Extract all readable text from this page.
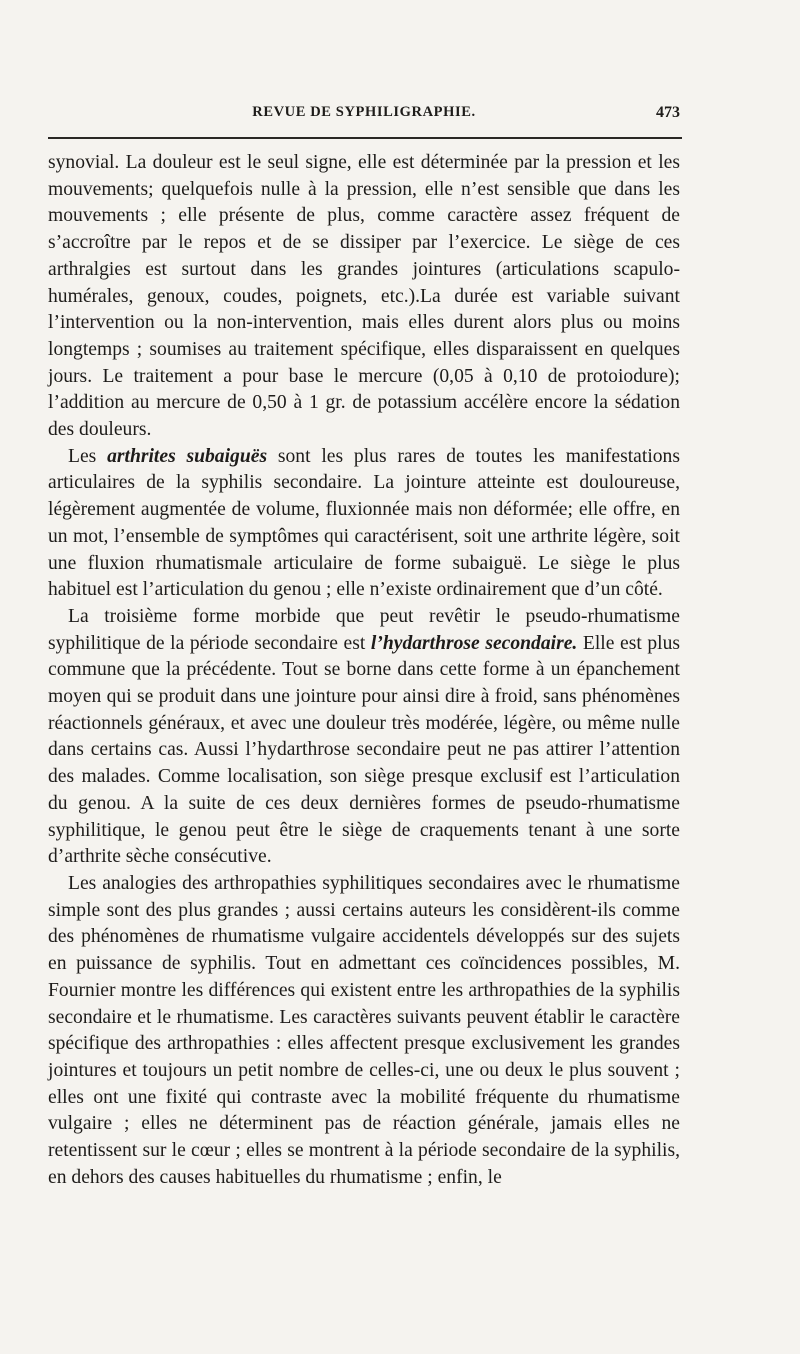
REVUE DE SYPHILIGRAPHIE.	473

synovial. La douleur est le seul signe, elle est déterminée par la pression et les mouvements; quelquefois nulle à la pression, elle n’est sensible que dans les mouvements ; elle présente de plus, comme caractère assez fréquent de s’accroître par le repos et de se dissiper par l’exercice. Le siège de ces arthralgies est surtout dans les grandes jointures (articulations scapulo-humérales, genoux, coudes, poignets, etc.).La durée est variable suivant l’intervention ou la non-intervention, mais elles durent alors plus ou moins longtemps ; soumises au traitement spécifique, elles disparaissent en quelques jours. Le traitement a pour base le mercure (0,05 à 0,10 de protoiodure); l’addition au mercure de 0,50 à 1 gr. de potassium accélère encore la sédation des douleurs.

Les arthrites subaiguës sont les plus rares de toutes les manifestations articulaires de la syphilis secondaire. La jointure atteinte est douloureuse, légèrement augmentée de volume, fluxionnée mais non déformée; elle offre, en un mot, l’ensemble de symptômes qui caractérisent, soit une arthrite légère, soit une fluxion rhumatismale articulaire de forme subaiguë. Le siège le plus habituel est l’articulation du genou ; elle n’existe ordinairement que d’un côté.

La troisième forme morbide que peut revêtir le pseudo-rhumatisme syphilitique de la période secondaire est l’hydarthrose secondaire. Elle est plus commune que la précédente. Tout se borne dans cette forme à un épanchement moyen qui se produit dans une jointure pour ainsi dire à froid, sans phénomènes réactionnels généraux, et avec une douleur très modérée, légère, ou même nulle dans certains cas. Aussi l’hydarthrose secondaire peut ne pas attirer l’attention des malades. Comme localisation, son siège presque exclusif est l’articulation du genou. A la suite de ces deux dernières formes de pseudo-rhumatisme syphilitique, le genou peut être le siège de craquements tenant à une sorte d’arthrite sèche consécutive.

Les analogies des arthropathies syphilitiques secondaires avec le rhumatisme simple sont des plus grandes ; aussi certains auteurs les considèrent-ils comme des phénomènes de rhumatisme vulgaire accidentels développés sur des sujets en puissance de syphilis. Tout en admettant ces coïncidences possibles, M. Fournier montre les différences qui existent entre les arthropathies de la syphilis secondaire et le rhumatisme. Les caractères suivants peuvent établir le caractère spécifique des arthropathies : elles affectent presque exclusivement les grandes jointures et toujours un petit nombre de celles-ci, une ou deux le plus souvent ; elles ont une fixité qui contraste avec la mobilité fréquente du rhumatisme vulgaire ; elles ne déterminent pas de réaction générale, jamais elles ne retentissent sur le cœur ; elles se montrent à la période secondaire de la syphilis, en dehors des causes habituelles du rhumatisme ; enfin, le
